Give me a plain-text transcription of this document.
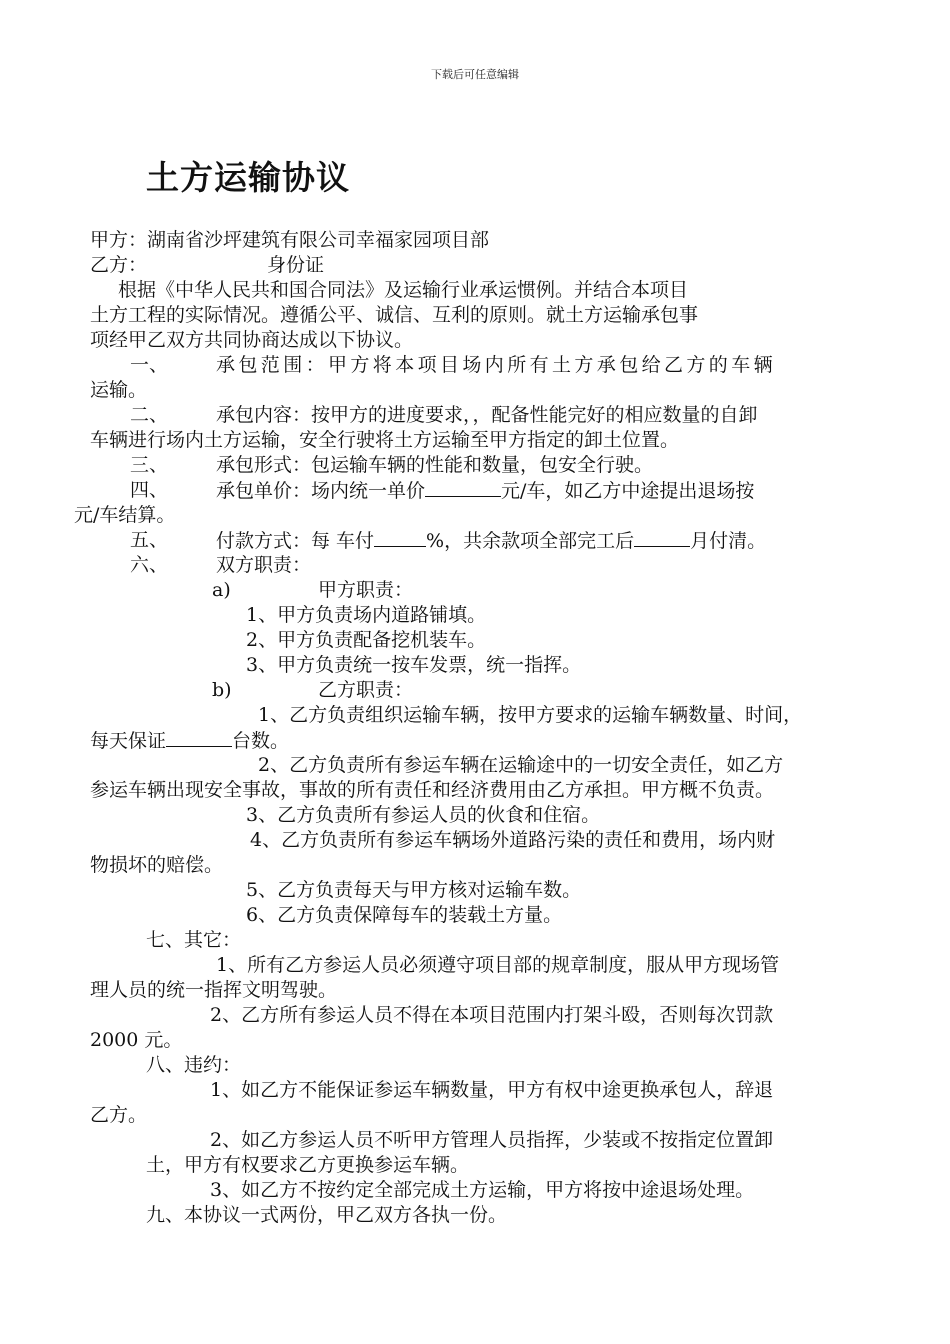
下载后可任意编辑
土方运输协议

甲方：湖南省沙坪建筑有限公司幸福家园项目部

乙方：	身份证

根据《中华人民共和国合同法》及运输行业承运惯例。并结合本项目

土方工程的实际情况。遵循公平、诚信、互利的原则。就土方运输承包事

项经甲乙双方共同协商达成以下协议。

一、	承包范围：甲方将本项目场内所有土方承包给乙方的车辆

运输。

二、	承包内容：按甲方的进度要求，，配备性能完好的相应数量的自卸

车辆进行场内土方运输，安全行驶将土方运输至甲方指定的卸土位置。

三、	承包形式：包运输车辆的性能和数量，包安全行驶。

四、	承包单价：场内统一单价	元/车，如乙方中途提出退场按

元/车结算。

五、	付款方式：每 车付	%，共余款项全部完工后	月付清。

六、	双方职责：

a)	甲方职责：

1、甲方负责场内道路铺填。

2、甲方负责配备挖机装车。

3、甲方负责统一按车发票，统一指挥。

b)	乙方职责：

1、乙方负责组织运输车辆，按甲方要求的运输车辆数量、时间，

每天保证	台数。

2、乙方负责所有参运车辆在运输途中的一切安全责任，如乙方

参运车辆出现安全事故，事故的所有责任和经济费用由乙方承担。甲方概不负责。

3、乙方负责所有参运人员的伙食和住宿。

4、乙方负责所有参运车辆场外道路污染的责任和费用，场内财

物损坏的赔偿。

5、乙方负责每天与甲方核对运输车数。

6、乙方负责保障每车的装载土方量。

七、其它：

1、所有乙方参运人员必须遵守项目部的规章制度，服从甲方现场管

理人员的统一指挥文明驾驶。

2、乙方所有参运人员不得在本项目范围内打架斗殴，否则每次罚款

2000 元。

八、违约：

1、如乙方不能保证参运车辆数量，甲方有权中途更换承包人，辞退

乙方。

2、如乙方参运人员不听甲方管理人员指挥，少装或不按指定位置卸

土，甲方有权要求乙方更换参运车辆。

3、如乙方不按约定全部完成土方运输，甲方将按中途退场处理。

九、本协议一式两份，甲乙双方各执一份。
